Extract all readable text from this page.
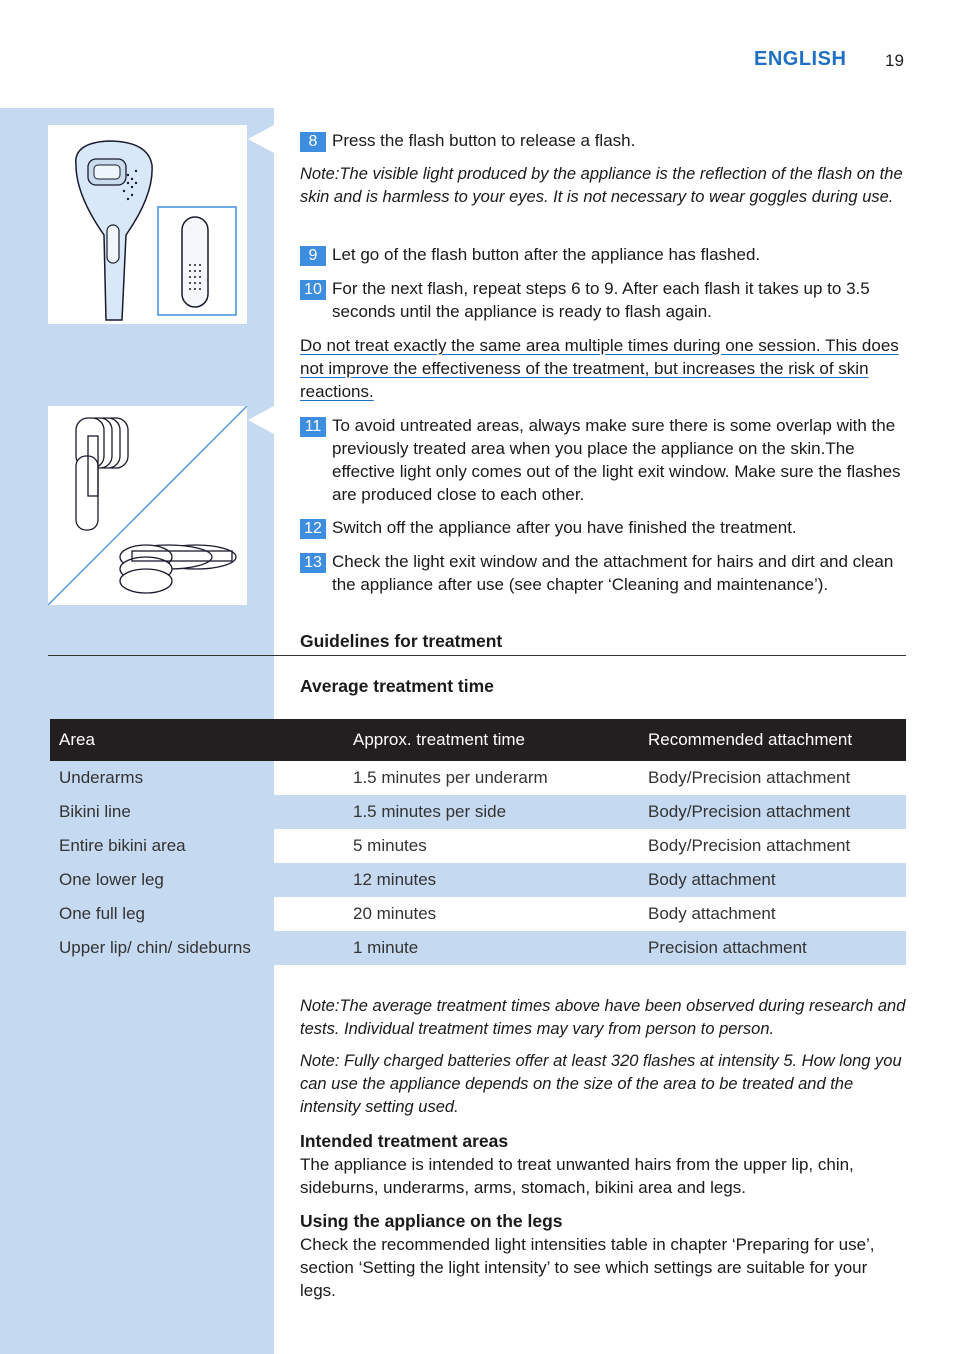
ENGLISH 19
8 Press the flash button to release a flash.
Note:The visible light produced by the appliance is the reflection of the flash on the skin and is harmless to your eyes. It is not necessary to wear goggles during use.
9 Let go of the flash button after the appliance has flashed.
10 For the next flash, repeat steps 6 to 9. After each flash it takes up to 3.5 seconds until the appliance is ready to flash again.
Do not treat exactly the same area multiple times during one session. This does not improve the effectiveness of the treatment, but increases the risk of skin reactions.
11 To avoid untreated areas, always make sure there is some overlap with the previously treated area when you place the appliance on the skin.The effective light only comes out of the light exit window. Make sure the flashes are produced close to each other.
12 Switch off the appliance after you have finished the treatment.
13 Check the light exit window and the attachment for hairs and dirt and clean the appliance after use (see chapter ‘Cleaning and maintenance’).
Guidelines for treatment
Average treatment time
Area	Approx. treatment time	Recommended attachment
Underarms	1.5 minutes per underarm	Body/Precision attachment
Bikini line	1.5 minutes per side	Body/Precision attachment
Entire bikini area	5 minutes	Body/Precision attachment
One lower leg	12 minutes	Body attachment
One full leg	20 minutes	Body attachment
Upper lip/ chin/ sideburns	1 minute	Precision attachment
Note:The average treatment times above have been observed during research and tests. Individual treatment times may vary from person to person.
Note: Fully charged batteries offer at least 320 flashes at intensity 5. How long you can use the appliance depends on the size of the area to be treated and the intensity setting used.
Intended treatment areas
The appliance is intended to treat unwanted hairs from the upper lip, chin, sideburns, underarms, arms, stomach, bikini area and legs.
Using the appliance on the legs
Check the recommended light intensities table in chapter ‘Preparing for use’, section ‘Setting the light intensity’ to see which settings are suitable for your legs.
